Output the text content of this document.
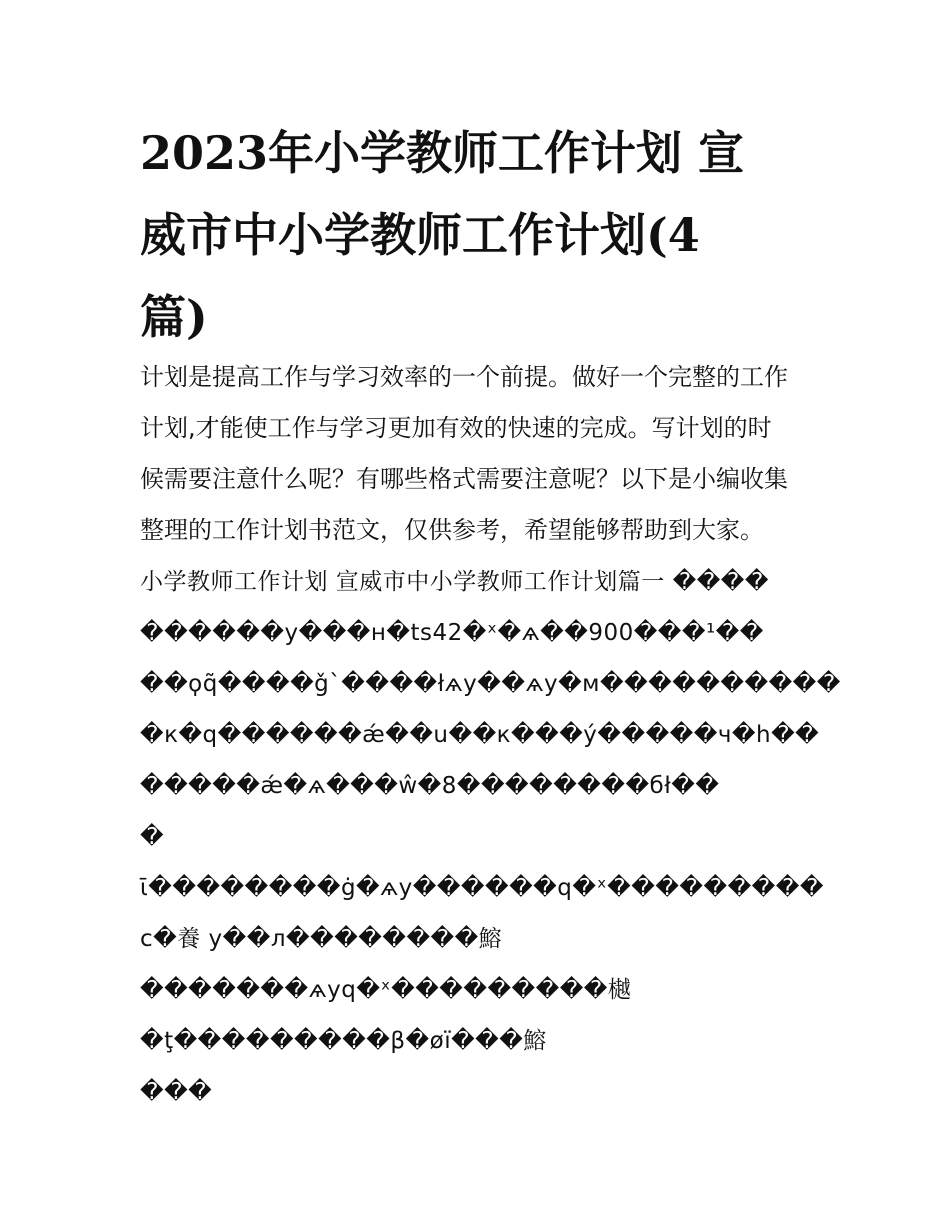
2023年小学教师工作计划 宣
威市中小学教师工作计划(4
篇)

计划是提高工作与学习效率的一个前提。做好一个完整的工作
计划,才能使工作与学习更加有效的快速的完成。写计划的时
候需要注意什么呢？有哪些格式需要注意呢？以下是小编收集
整理的工作计划书范文，仅供参考，希望能够帮助到大家。

小学教师工作计划 宣威市中小学教师工作计划篇一 ����
������y���н�ts42�ˣ�ѧ��900���¹��
��ϙq̃����ǧ`����łѧy��ѧy�м����������
�к�q������ǽ��u��к���ý�����ч�h��
�����ǽ�ѧ���ŵ�8��������бł��
�
ῑ��������ġ�ѧy������q�ˣ���������
c�養 y��л��������鰫
�������ѧyq�ˣ���������樾
�ţ���������β�øï���鰫
���
